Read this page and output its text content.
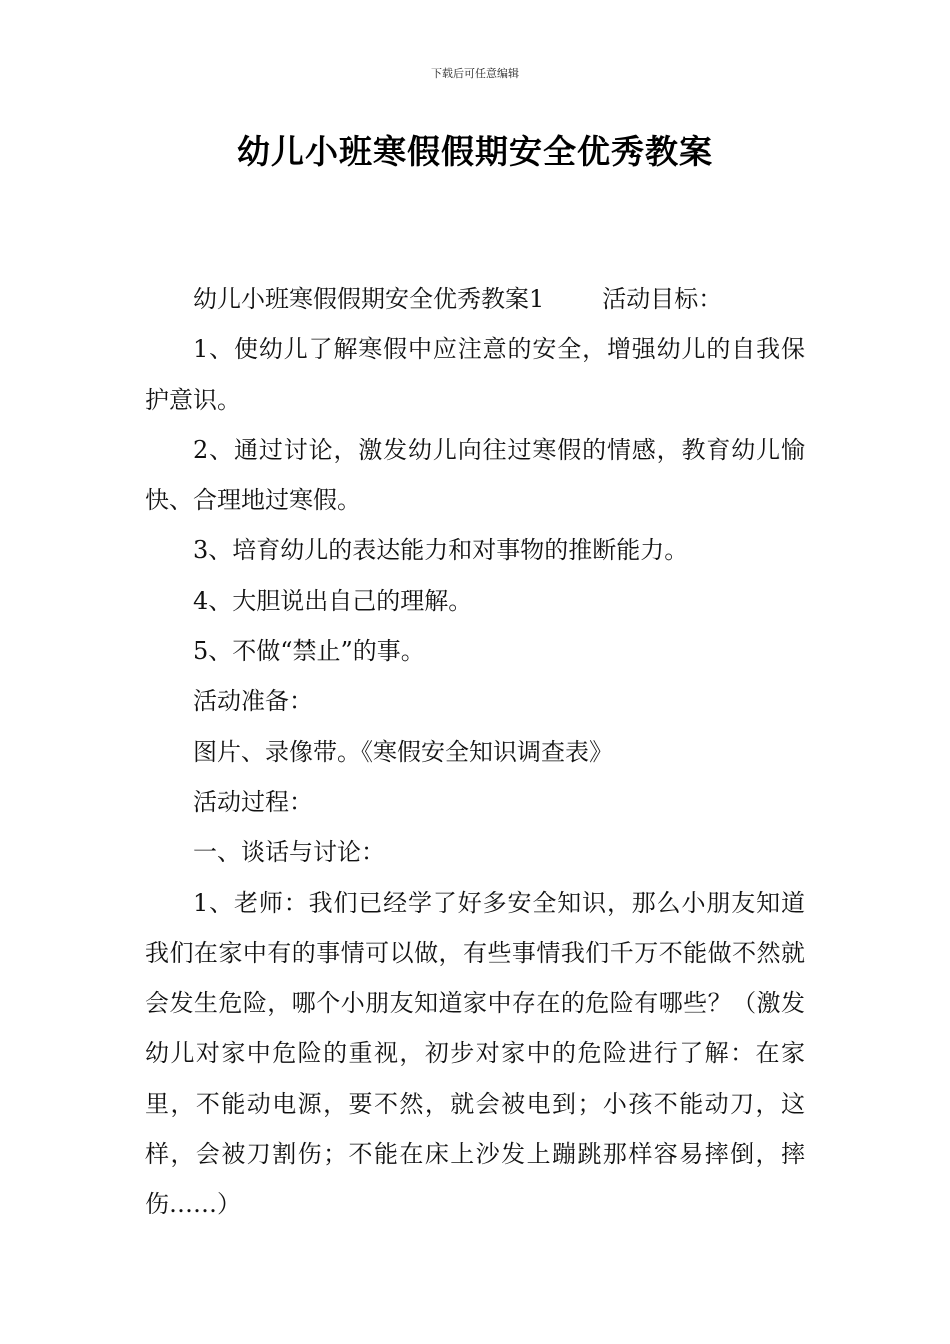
下载后可任意编辑
幼儿小班寒假假期安全优秀教案

幼儿小班寒假假期安全优秀教案1 活动目标：

1、使幼儿了解寒假中应注意的安全，增强幼儿的自我保护意识。

2、通过讨论，激发幼儿向往过寒假的情感，教育幼儿愉快、合理地过寒假。

3、培育幼儿的表达能力和对事物的推断能力。

4、大胆说出自己的理解。

5、不做“禁止”的事。

活动准备：

图片、录像带。《寒假安全知识调查表》

活动过程：

一、谈话与讨论：

1、老师：我们已经学了好多安全知识，那么小朋友知道我们在家中有的事情可以做，有些事情我们千万不能做不然就会发生危险，哪个小朋友知道家中存在的危险有哪些？（激发幼儿对家中危险的重视，初步对家中的危险进行了解：在家里，不能动电源，要不然，就会被电到；小孩不能动刀，这样，会被刀割伤；不能在床上沙发上蹦跳那样容易摔倒，摔伤……）
